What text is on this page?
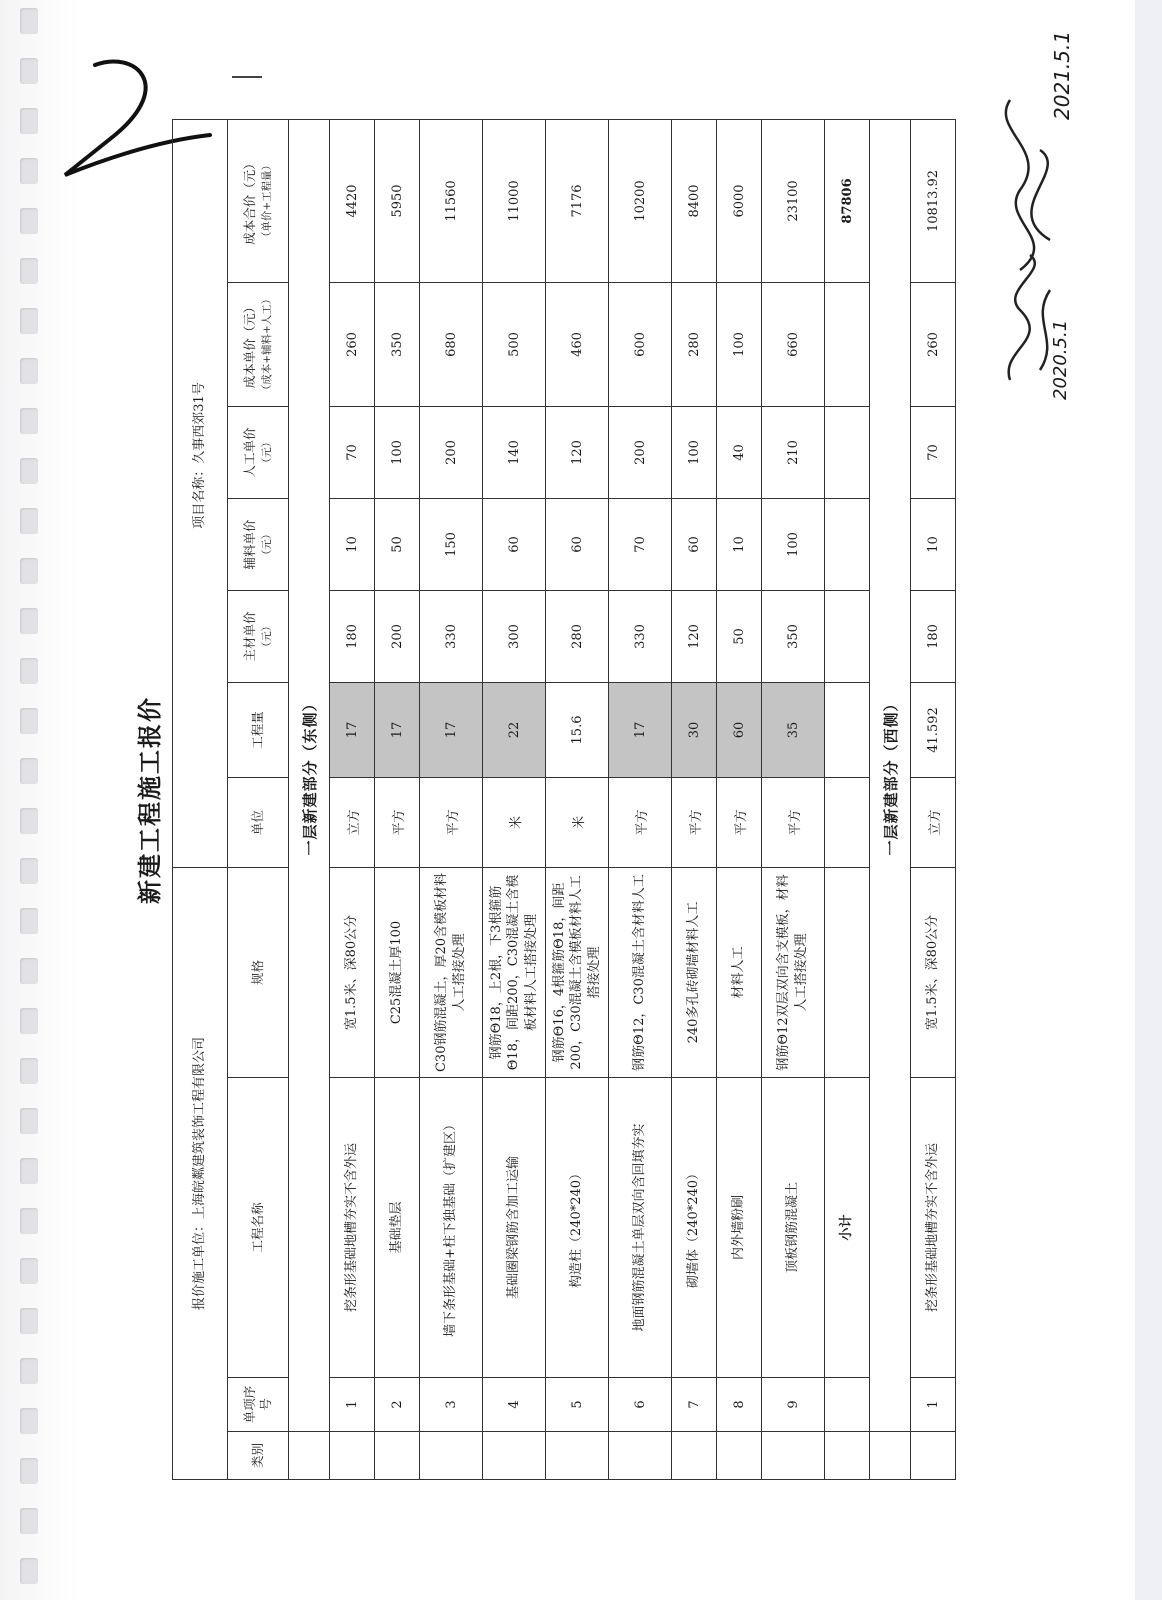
2021.5.1
2020.5.1
新建工程施工报价
报价施工单位：上海皖粼建筑装饰工程有限公司				项目名称：久事西郊31号						
类别	单项序号	工程名称	规格	单位	工程量	主材单价 （元）	辅料单价 （元）	人工单价 （元）	成本单价（元） （成本+辅料+人工）	成本合价（元） （单价+工程量）
	一层新建部分（东侧）									
	1	挖条形基础地槽夯实不含外运	宽1.5米、深80公分	立方	17	180	10	70	260	4420
	2	基础垫层	C25混凝土厚100	平方	17	200	50	100	350	5950
	3	墙下条形基础+柱下独基础（扩建区）	C30钢筋混凝土，厚20含模板材料人工搭接处理	平方	17	330	150	200	680	11560
	4	基础圈梁钢筋含加工运输	钢筋Θ18，上2根，下3根箍筋Θ18，间距200，C30混凝土含模板材料人工搭接处理	米	22	300	60	140	500	11000
	5	构造柱（240*240）	钢筋Θ16，4根箍筋Θ18，间距200，C30混凝土含模板材料人工搭接处理	米	15.6	280	60	120	460	7176
	6	地面钢筋混凝土单层双向含回填夯实	钢筋Θ12，C30混凝土含材料人工	平方	17	330	70	200	600	10200
	7	砌墙体（240*240）	240多孔砖砌墙材料人工	平方	30	120	60	100	280	8400
	8	内外墙粉刷	材料人工	平方	60	50	10	40	100	6000
	9	顶板钢筋混凝土	钢筋Θ12双层双向含支模板，材料人工搭接处理	平方	35	350	100	210	660	23100
		小计								87806
	一层新建部分（西侧）									
	1	挖条形基础地槽夯实不含外运	宽1.5米、深80公分	立方	41.592	180	10	70	260	10813.92
